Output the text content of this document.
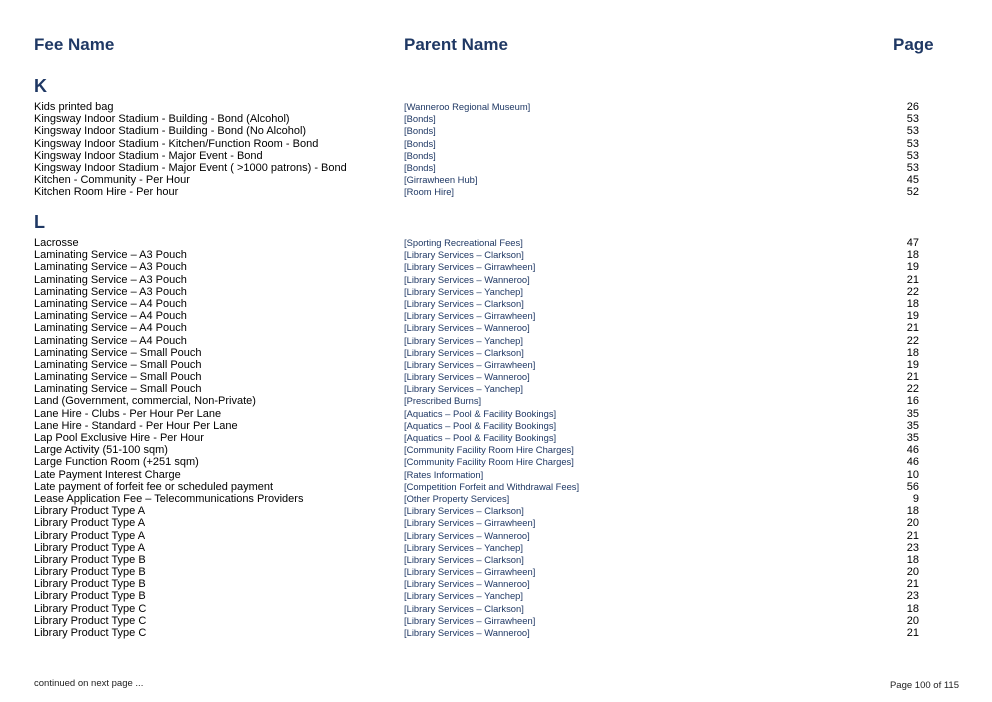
Fee Name	Parent Name	Page
K
Kids printed bag	[Wanneroo Regional Museum]	26
Kingsway Indoor Stadium - Building - Bond (Alcohol)	[Bonds]	53
Kingsway Indoor Stadium - Building - Bond (No Alcohol)	[Bonds]	53
Kingsway Indoor Stadium - Kitchen/Function Room - Bond	[Bonds]	53
Kingsway Indoor Stadium - Major Event - Bond	[Bonds]	53
Kingsway Indoor Stadium - Major Event ( >1000 patrons) - Bond	[Bonds]	53
Kitchen - Community - Per Hour	[Girrawheen Hub]	45
Kitchen Room Hire - Per hour	[Room Hire]	52
L
Lacrosse	[Sporting Recreational Fees]	47
Laminating Service – A3 Pouch	[Library Services – Clarkson]	18
Laminating Service – A3 Pouch	[Library Services – Girrawheen]	19
Laminating Service – A3 Pouch	[Library Services – Wanneroo]	21
Laminating Service – A3 Pouch	[Library Services – Yanchep]	22
Laminating Service – A4 Pouch	[Library Services – Clarkson]	18
Laminating Service – A4 Pouch	[Library Services – Girrawheen]	19
Laminating Service – A4 Pouch	[Library Services – Wanneroo]	21
Laminating Service – A4 Pouch	[Library Services – Yanchep]	22
Laminating Service – Small Pouch	[Library Services – Clarkson]	18
Laminating Service – Small Pouch	[Library Services – Girrawheen]	19
Laminating Service – Small Pouch	[Library Services – Wanneroo]	21
Laminating Service – Small Pouch	[Library Services – Yanchep]	22
Land (Government, commercial, Non-Private)	[Prescribed Burns]	16
Lane Hire - Clubs - Per Hour Per Lane	[Aquatics – Pool & Facility Bookings]	35
Lane Hire - Standard - Per Hour Per Lane	[Aquatics – Pool & Facility Bookings]	35
Lap Pool Exclusive Hire - Per Hour	[Aquatics – Pool & Facility Bookings]	35
Large Activity (51-100 sqm)	[Community Facility Room Hire Charges]	46
Large Function Room (+251 sqm)	[Community Facility Room Hire Charges]	46
Late Payment Interest Charge	[Rates Information]	10
Late payment of forfeit fee or scheduled payment	[Competition Forfeit and Withdrawal Fees]	56
Lease Application Fee – Telecommunications Providers	[Other Property Services]	9
Library Product Type A	[Library Services – Clarkson]	18
Library Product Type A	[Library Services – Girrawheen]	20
Library Product Type A	[Library Services – Wanneroo]	21
Library Product Type A	[Library Services – Yanchep]	23
Library Product Type B	[Library Services – Clarkson]	18
Library Product Type B	[Library Services – Girrawheen]	20
Library Product Type B	[Library Services – Wanneroo]	21
Library Product Type B	[Library Services – Yanchep]	23
Library Product Type C	[Library Services – Clarkson]	18
Library Product Type C	[Library Services – Girrawheen]	20
Library Product Type C	[Library Services – Wanneroo]	21
continued on next page ...	Page 100 of 115
